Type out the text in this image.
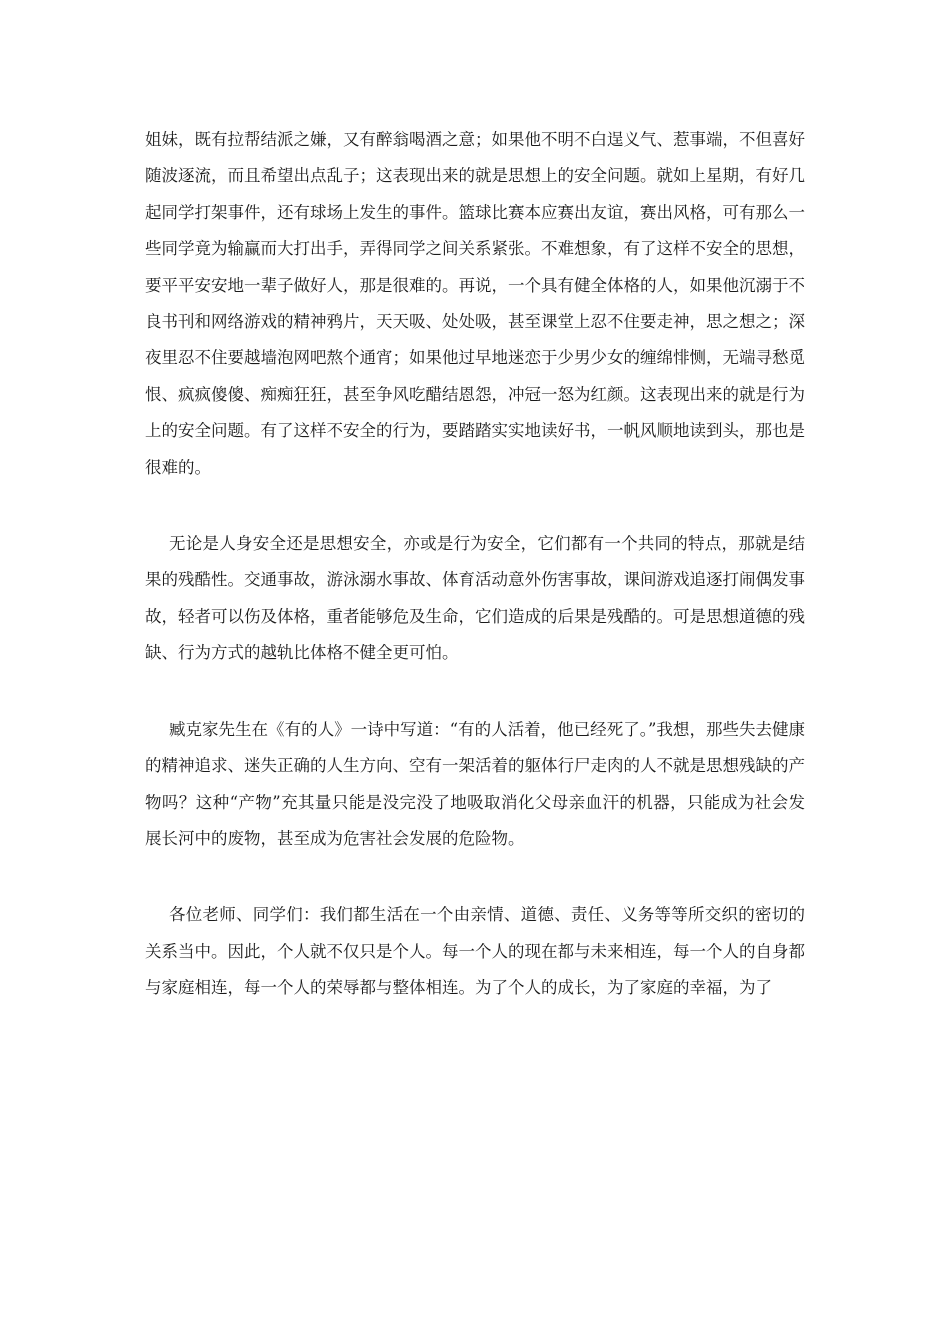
姐妹，既有拉帮结派之嫌，又有醉翁喝酒之意；如果他不明不白逞义气、惹事端，不但喜好随波逐流，而且希望出点乱子；这表现出来的就是思想上的安全问题。就如上星期，有好几起同学打架事件，还有球场上发生的事件。篮球比赛本应赛出友谊，赛出风格，可有那么一些同学竟为输赢而大打出手，弄得同学之间关系紧张。不难想象，有了这样不安全的思想，要平平安安地一辈子做好人，那是很难的。再说，一个具有健全体格的人，如果他沉溺于不良书刊和网络游戏的精神鸦片，天天吸、处处吸，甚至课堂上忍不住要走神，思之想之；深夜里忍不住要越墙泡网吧熬个通宵；如果他过早地迷恋于少男少女的缠绵悱恻，无端寻愁觅恨、疯疯傻傻、痴痴狂狂，甚至争风吃醋结恩怨，冲冠一怒为红颜。这表现出来的就是行为上的安全问题。有了这样不安全的行为，要踏踏实实地读好书，一帆风顺地读到头，那也是很难的。

无论是人身安全还是思想安全，亦或是行为安全，它们都有一个共同的特点，那就是结果的残酷性。交通事故，游泳溺水事故、体育活动意外伤害事故，课间游戏追逐打闹偶发事故，轻者可以伤及体格，重者能够危及生命，它们造成的后果是残酷的。可是思想道德的残缺、行为方式的越轨比体格不健全更可怕。

臧克家先生在《有的人》一诗中写道：“有的人活着，他已经死了。”我想，那些失去健康的精神追求、迷失正确的人生方向、空有一架活着的躯体行尸走肉的人不就是思想残缺的产物吗？这种“产物”充其量只能是没完没了地吸取消化父母亲血汗的机器，只能成为社会发展长河中的废物，甚至成为危害社会发展的危险物。

各位老师、同学们：我们都生活在一个由亲情、道德、责任、义务等等所交织的密切的关系当中。因此，个人就不仅只是个人。每一个人的现在都与未来相连，每一个人的自身都与家庭相连，每一个人的荣辱都与整体相连。为了个人的成长，为了家庭的幸福，为了
